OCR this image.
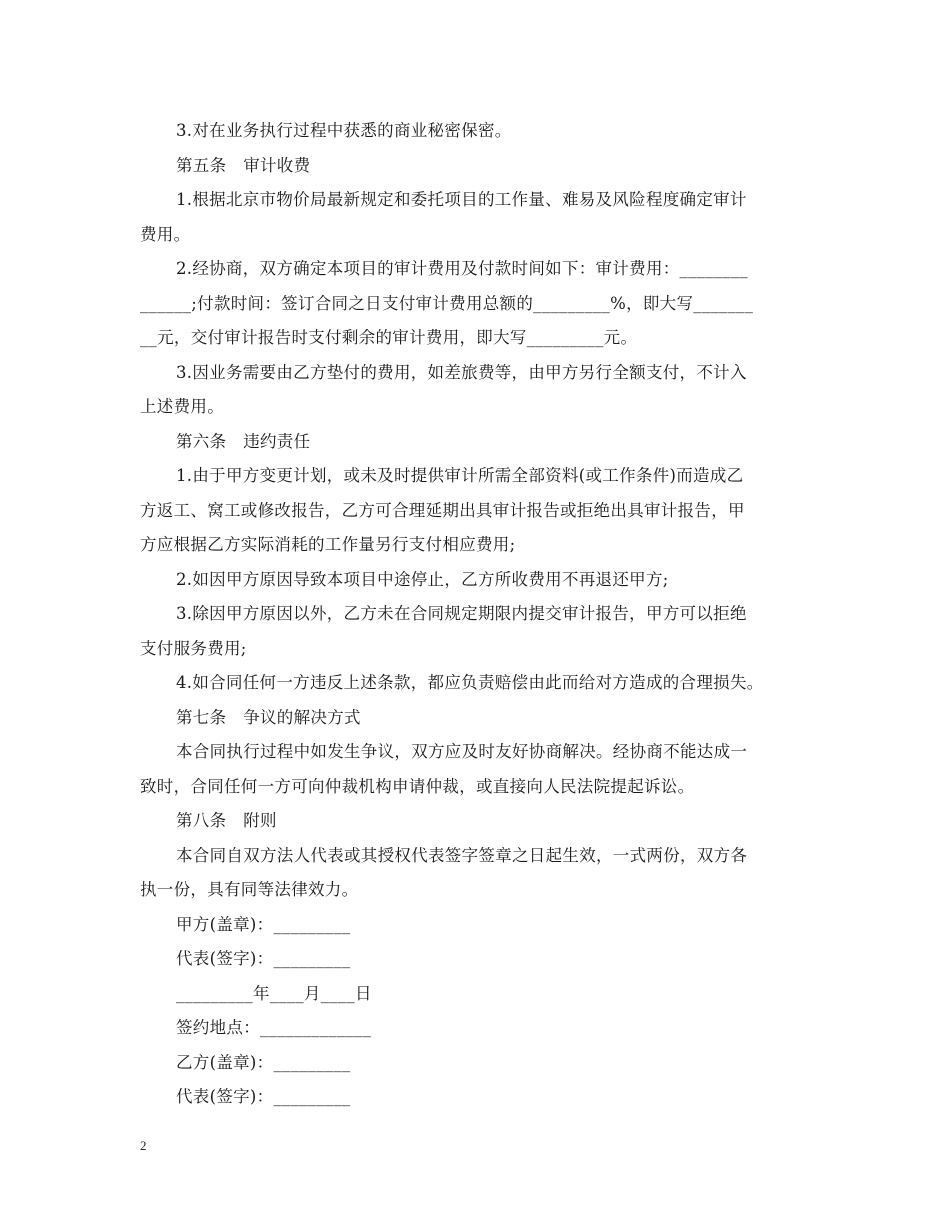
3.对在业务执行过程中获悉的商业秘密保密。
第五条　审计收费
1.根据北京市物价局最新规定和委托项目的工作量、难易及风险程度确定审计
费用。
2.经协商，双方确定本项目的审计费用及付款时间如下：审计费用：________
______;付款时间：签订合同之日支付审计费用总额的_________%，即大写_______
__元，交付审计报告时支付剩余的审计费用，即大写_________元。
3.因业务需要由乙方垫付的费用，如差旅费等，由甲方另行全额支付，不计入
上述费用。
第六条　违约责任
1.由于甲方变更计划，或未及时提供审计所需全部资料(或工作条件)而造成乙
方返工、窝工或修改报告，乙方可合理延期出具审计报告或拒绝出具审计报告，甲
方应根据乙方实际消耗的工作量另行支付相应费用;
2.如因甲方原因导致本项目中途停止，乙方所收费用不再退还甲方;
3.除因甲方原因以外，乙方未在合同规定期限内提交审计报告，甲方可以拒绝
支付服务费用;
4.如合同任何一方违反上述条款，都应负责赔偿由此而给对方造成的合理损失。
第七条　争议的解决方式
本合同执行过程中如发生争议，双方应及时友好协商解决。经协商不能达成一
致时，合同任何一方可向仲裁机构申请仲裁，或直接向人民法院提起诉讼。
第八条　附则
本合同自双方法人代表或其授权代表签字签章之日起生效，一式两份，双方各
执一份，具有同等法律效力。
甲方(盖章)：_________
代表(签字)：_________
_________年____月____日
签约地点：_____________
乙方(盖章)：_________
代表(签字)：_________
2
